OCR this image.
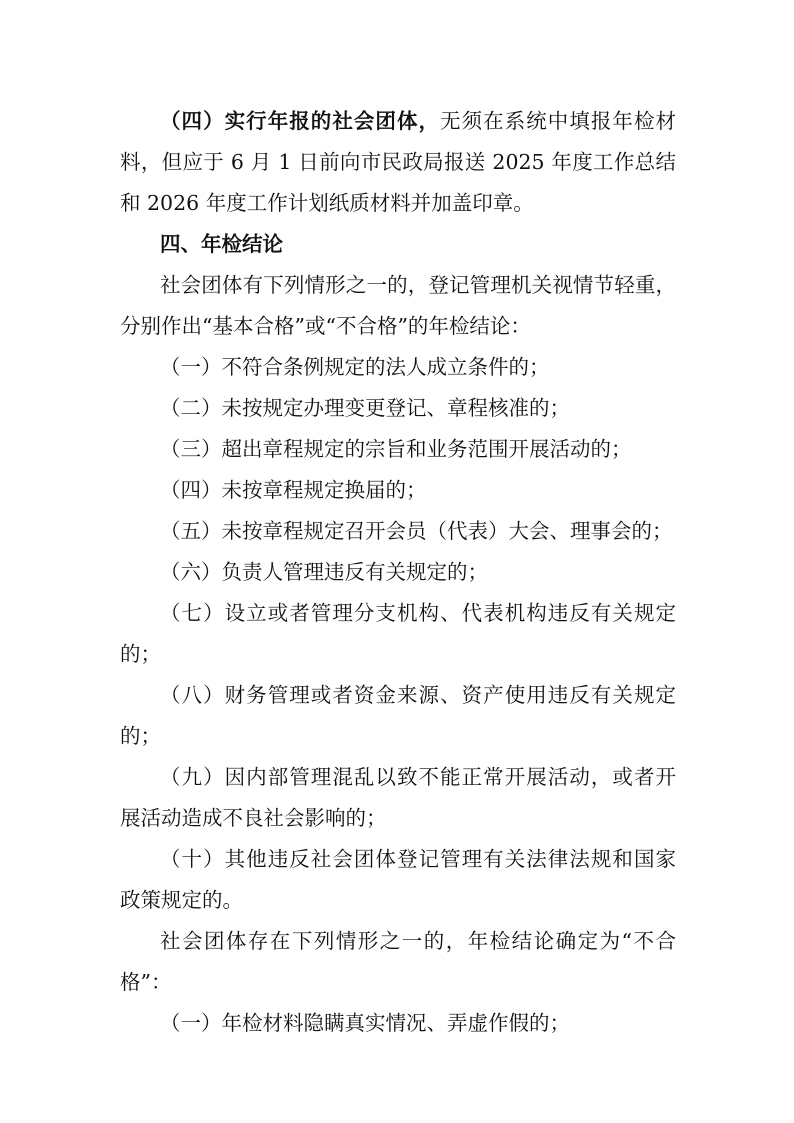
（四）实行年报的社会团体，无须在系统中填报年检材
料，但应于 6 月 1 日前向市民政局报送 2025 年度工作总结
和 2026 年度工作计划纸质材料并加盖印章。
四、年检结论
社会团体有下列情形之一的，登记管理机关视情节轻重，
分别作出“基本合格”或“不合格”的年检结论：
（一）不符合条例规定的法人成立条件的；
（二）未按规定办理变更登记、章程核准的；
（三）超出章程规定的宗旨和业务范围开展活动的；
（四）未按章程规定换届的；
（五）未按章程规定召开会员（代表）大会、理事会的；
（六）负责人管理违反有关规定的；
（七）设立或者管理分支机构、代表机构违反有关规定
的；
（八）财务管理或者资金来源、资产使用违反有关规定
的；
（九）因内部管理混乱以致不能正常开展活动，或者开
展活动造成不良社会影响的；
（十）其他违反社会团体登记管理有关法律法规和国家
政策规定的。
社会团体存在下列情形之一的，年检结论确定为“不合
格”：
（一）年检材料隐瞒真实情况、弄虚作假的；
